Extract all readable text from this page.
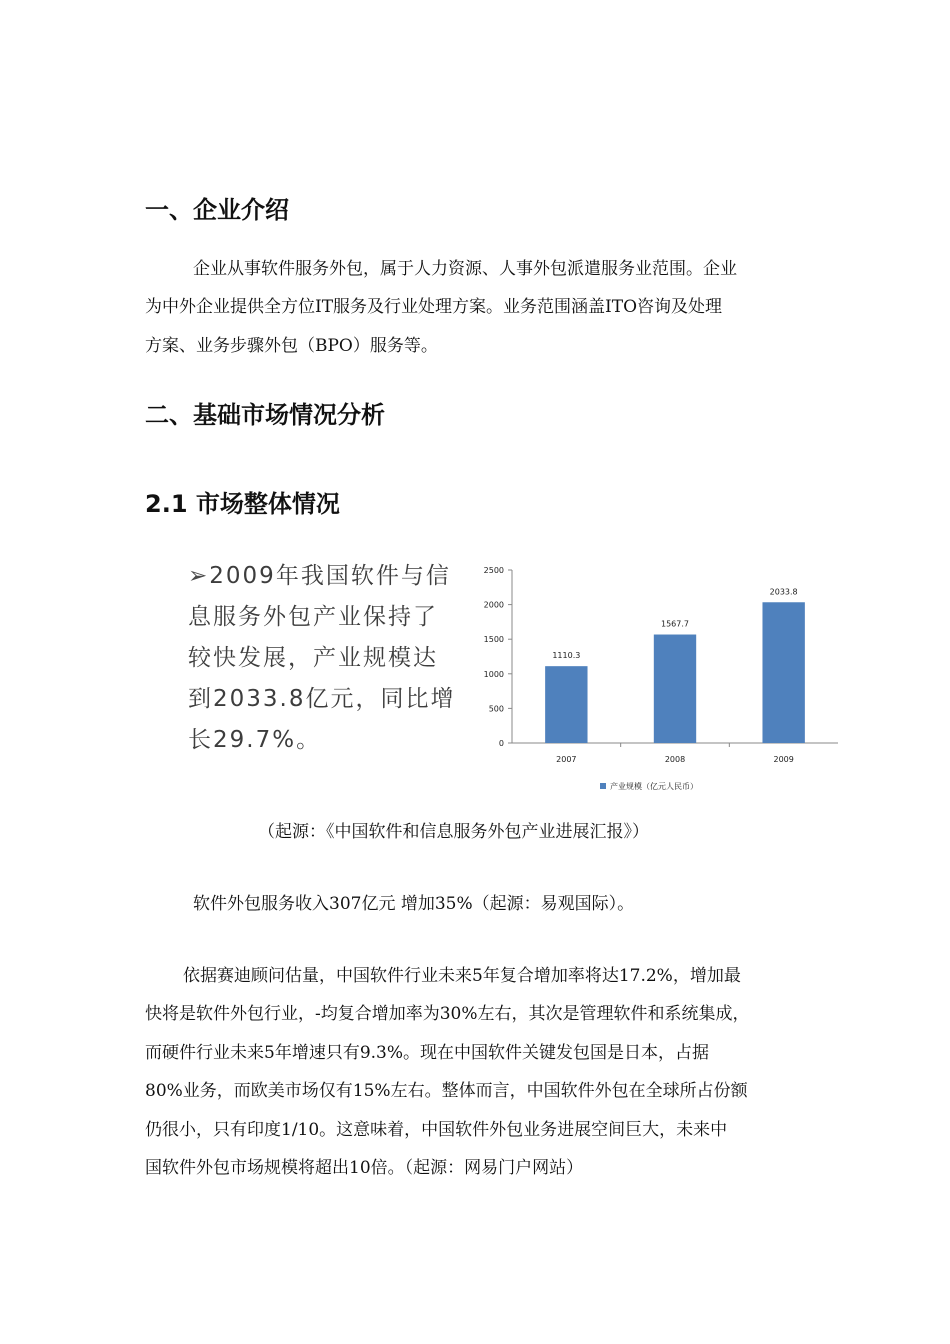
一、企业介绍
企业从事软件服务外包，属于人力资源、人事外包派遣服务业范围。企业
为中外企业提供全方位IT服务及行业处理方案。业务范围涵盖ITO咨询及处理
方案、业务步骤外包（BPO）服务等。
二、基础市场情况分析
2.1 市场整体情况
➢2009年我国软件与信
息服务外包产业保持了
较快发展，产业规模达
到2033.8亿元，同比增
长29.7%。	0
500
1000
1500
2000
2500
1110.3
2007
1567.7
2008
2033.8
2009
产业规模（亿元人民币）
（起源：《中国软件和信息服务外包产业进展汇报》）
软件外包服务收入307亿元 增加35%（起源：易观国际）。
依据赛迪顾问估量，中国软件行业未来5年复合增加率将达17.2%，增加最
快将是软件外包行业，-均复合增加率为30%左右，其次是管理软件和系统集成，
而硬件行业未来5年增速只有9.3%。现在中国软件关键发包国是日本，占据
80%业务，而欧美市场仅有15%左右。整体而言，中国软件外包在全球所占份额
仍很小，只有印度1/10。这意味着，中国软件外包业务进展空间巨大，未来中
国软件外包市场规模将超出10倍。（起源：网易门户网站）
